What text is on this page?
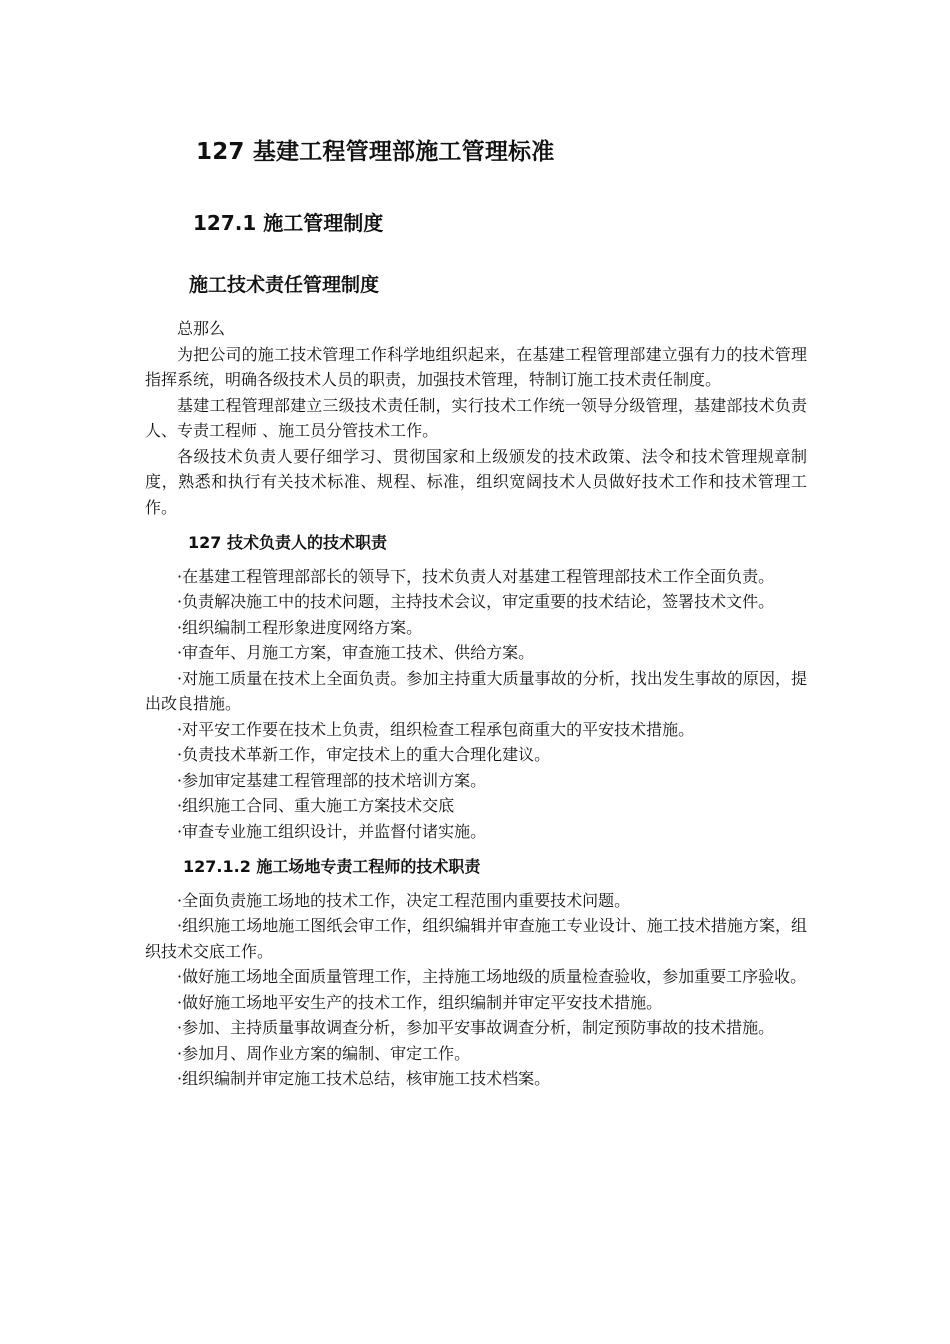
127 基建工程管理部施工管理标准
127.1 施工管理制度
施工技术责任管理制度

总那么

为把公司的施工技术管理工作科学地组织起来，在基建工程管理部建立强有力的技术管理指挥系统，明确各级技术人员的职责，加强技术管理，特制订施工技术责任制度。

基建工程管理部建立三级技术责任制，实行技术工作统一领导分级管理，基建部技术负责人、专责工程师 、施工员分管技术工作。

各级技术负责人要仔细学习、贯彻国家和上级颁发的技术政策、法令和技术管理规章制度，熟悉和执行有关技术标准、规程、标准，组织宽阔技术人员做好技术工作和技术管理工作。

127 技术负责人的技术职责

·在基建工程管理部部长的领导下，技术负责人对基建工程管理部技术工作全面负责。

·负责解决施工中的技术问题，主持技术会议，审定重要的技术结论，签署技术文件。

·组织编制工程形象进度网络方案。

·审查年、月施工方案，审查施工技术、供给方案。

·对施工质量在技术上全面负责。参加主持重大质量事故的分析，找出发生事故的原因，提出改良措施。

·对平安工作要在技术上负责，组织检查工程承包商重大的平安技术措施。

·负责技术革新工作，审定技术上的重大合理化建议。

·参加审定基建工程管理部的技术培训方案。

·组织施工合同、重大施工方案技术交底

·审查专业施工组织设计，并监督付诸实施。

127.1.2 施工场地专责工程师的技术职责

·全面负责施工场地的技术工作，决定工程范围内重要技术问题。

·组织施工场地施工图纸会审工作，组织编辑并审查施工专业设计、施工技术措施方案，组织技术交底工作。

·做好施工场地全面质量管理工作，主持施工场地级的质量检查验收，参加重要工序验收。

·做好施工场地平安生产的技术工作，组织编制并审定平安技术措施。

·参加、主持质量事故调查分析，参加平安事故调查分析，制定预防事故的技术措施。

·参加月、周作业方案的编制、审定工作。

·组织编制并审定施工技术总结，核审施工技术档案。
